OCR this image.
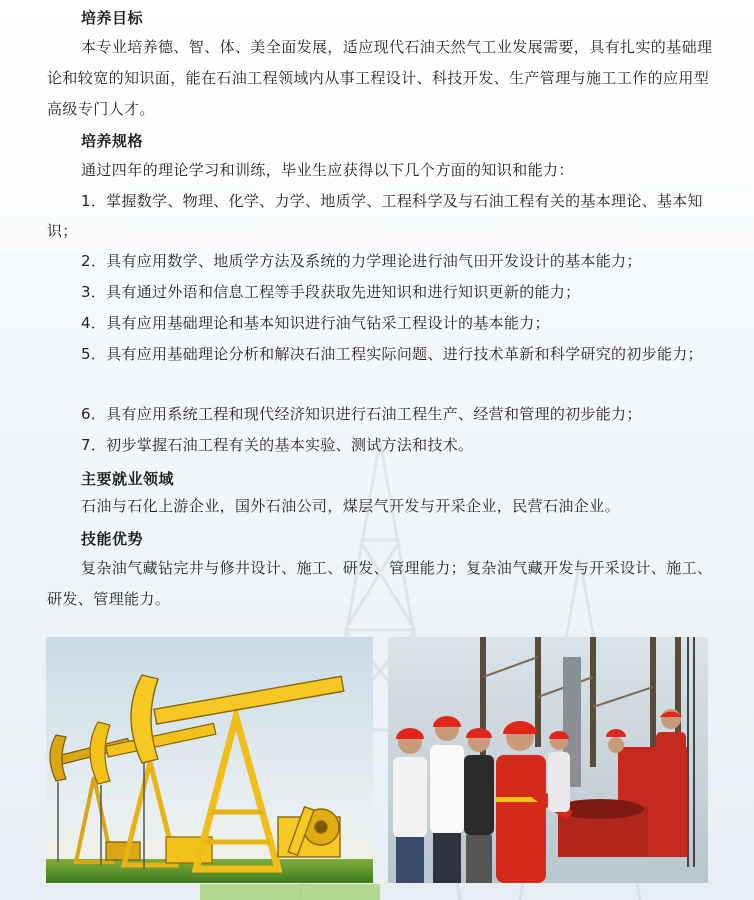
培养目标

本专业培养德、智、体、美全面发展，适应现代石油天然气工业发展需要，具有扎实的基础理论和较宽的知识面，能在石油工程领域内从事工程设计、科技开发、生产管理与施工工作的应用型高级专门人才。

培养规格

通过四年的理论学习和训练，毕业生应获得以下几个方面的知识和能力：

1．掌握数学、物理、化学、力学、地质学、工程科学及与石油工程有关的基本理论、基本知识；

2．具有应用数学、地质学方法及系统的力学理论进行油气田开发设计的基本能力；

3．具有通过外语和信息工程等手段获取先进知识和进行知识更新的能力；

4．具有应用基础理论和基本知识进行油气钻采工程设计的基本能力；

5．具有应用基础理论分析和解决石油工程实际问题、进行技术革新和科学研究的初步能力；

6．具有应用系统工程和现代经济知识进行石油工程生产、经营和管理的初步能力；

7．初步掌握石油工程有关的基本实验、测试方法和技术。

主要就业领域

石油与石化上游企业，国外石油公司，煤层气开发与开采企业，民营石油企业。

技能优势

复杂油气藏钻完井与修井设计、施工、研发、管理能力；复杂油气藏开发与开采设计、施工、研发、管理能力。
